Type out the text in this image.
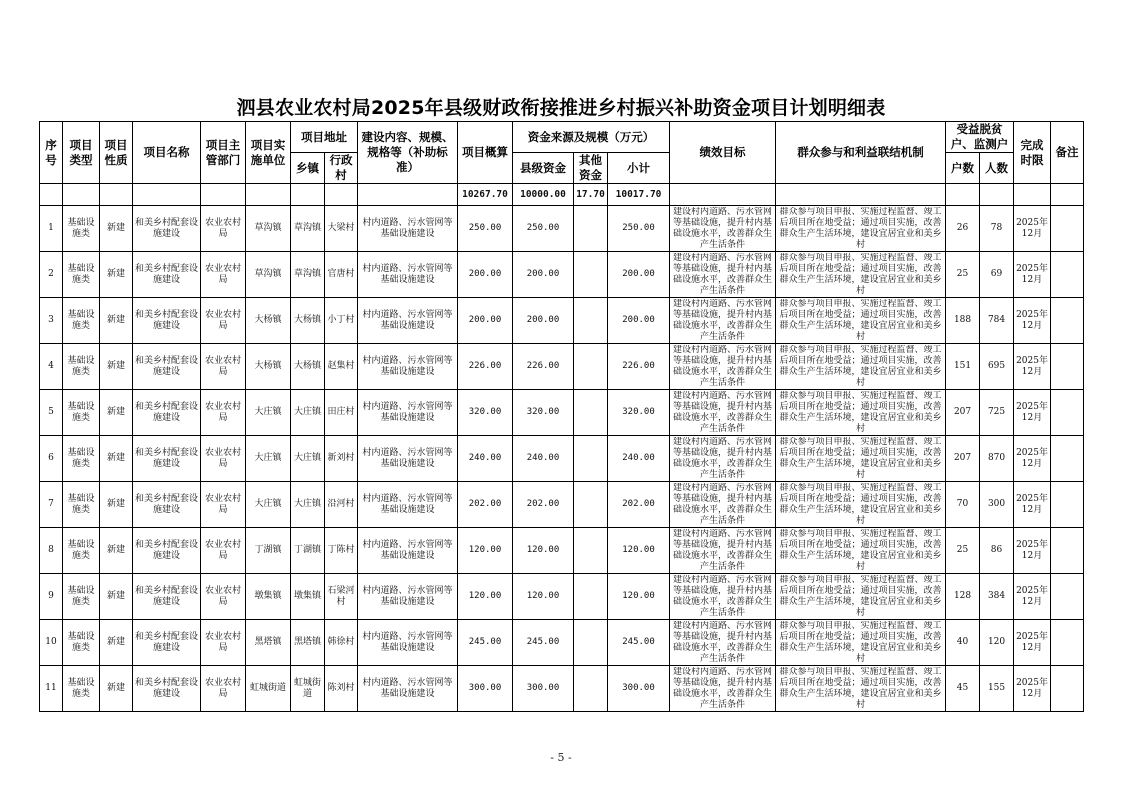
泗县农业农村局2025年县级财政衔接推进乡村振兴补助资金项目计划明细表
序号	项目类型	项目性质	项目名称	项目主管部门	项目实施单位	项目地址		建设内容、规模、规格等（补助标准）	项目概算	资金来源及规模（万元）			绩效目标	群众参与和利益联结机制	受益脱贫户、监测户		完成时限	备注
						乡镇	行政村			县级资金	其他资金	小计			户数	人数		
									10267.70	10000.00	17.70	10017.70						
1	基础设施类	新建	和美乡村配套设施建设	农业农村局	草沟镇	草沟镇	大梁村	村内道路、污水管网等基础设施建设	250.00	250.00		250.00	建设村内道路、污水管网等基础设施，提升村内基础设施水平，改善群众生产生活条件	群众参与项目申报、实施过程监督、竣工后项目所在地受益；通过项目实施，改善群众生产生活环境，建设宜居宜业和美乡村	26	78	2025年12月	
2	基础设施类	新建	和美乡村配套设施建设	农业农村局	草沟镇	草沟镇	官唐村	村内道路、污水管网等基础设施建设	200.00	200.00		200.00	建设村内道路、污水管网等基础设施，提升村内基础设施水平，改善群众生产生活条件	群众参与项目申报、实施过程监督、竣工后项目所在地受益；通过项目实施，改善群众生产生活环境，建设宜居宜业和美乡村	25	69	2025年12月	
3	基础设施类	新建	和美乡村配套设施建设	农业农村局	大杨镇	大杨镇	小丁村	村内道路、污水管网等基础设施建设	200.00	200.00		200.00	建设村内道路、污水管网等基础设施，提升村内基础设施水平，改善群众生产生活条件	群众参与项目申报、实施过程监督、竣工后项目所在地受益；通过项目实施，改善群众生产生活环境，建设宜居宜业和美乡村	188	784	2025年12月	
4	基础设施类	新建	和美乡村配套设施建设	农业农村局	大杨镇	大杨镇	赵集村	村内道路、污水管网等基础设施建设	226.00	226.00		226.00	建设村内道路、污水管网等基础设施，提升村内基础设施水平，改善群众生产生活条件	群众参与项目申报、实施过程监督、竣工后项目所在地受益；通过项目实施，改善群众生产生活环境，建设宜居宜业和美乡村	151	695	2025年12月	
5	基础设施类	新建	和美乡村配套设施建设	农业农村局	大庄镇	大庄镇	田庄村	村内道路、污水管网等基础设施建设	320.00	320.00		320.00	建设村内道路、污水管网等基础设施，提升村内基础设施水平，改善群众生产生活条件	群众参与项目申报、实施过程监督、竣工后项目所在地受益；通过项目实施，改善群众生产生活环境，建设宜居宜业和美乡村	207	725	2025年12月	
6	基础设施类	新建	和美乡村配套设施建设	农业农村局	大庄镇	大庄镇	新刘村	村内道路、污水管网等基础设施建设	240.00	240.00		240.00	建设村内道路、污水管网等基础设施，提升村内基础设施水平，改善群众生产生活条件	群众参与项目申报、实施过程监督、竣工后项目所在地受益；通过项目实施，改善群众生产生活环境，建设宜居宜业和美乡村	207	870	2025年12月	
7	基础设施类	新建	和美乡村配套设施建设	农业农村局	大庄镇	大庄镇	沿河村	村内道路、污水管网等基础设施建设	202.00	202.00		202.00	建设村内道路、污水管网等基础设施，提升村内基础设施水平，改善群众生产生活条件	群众参与项目申报、实施过程监督、竣工后项目所在地受益；通过项目实施，改善群众生产生活环境，建设宜居宜业和美乡村	70	300	2025年12月	
8	基础设施类	新建	和美乡村配套设施建设	农业农村局	丁湖镇	丁湖镇	丁陈村	村内道路、污水管网等基础设施建设	120.00	120.00		120.00	建设村内道路、污水管网等基础设施，提升村内基础设施水平，改善群众生产生活条件	群众参与项目申报、实施过程监督、竣工后项目所在地受益；通过项目实施，改善群众生产生活环境，建设宜居宜业和美乡村	25	86	2025年12月	
9	基础设施类	新建	和美乡村配套设施建设	农业农村局	墩集镇	墩集镇	石梁河村	村内道路、污水管网等基础设施建设	120.00	120.00		120.00	建设村内道路、污水管网等基础设施，提升村内基础设施水平，改善群众生产生活条件	群众参与项目申报、实施过程监督、竣工后项目所在地受益；通过项目实施，改善群众生产生活环境，建设宜居宜业和美乡村	128	384	2025年12月	
10	基础设施类	新建	和美乡村配套设施建设	农业农村局	黑塔镇	黑塔镇	韩徐村	村内道路、污水管网等基础设施建设	245.00	245.00		245.00	建设村内道路、污水管网等基础设施，提升村内基础设施水平，改善群众生产生活条件	群众参与项目申报、实施过程监督、竣工后项目所在地受益；通过项目实施，改善群众生产生活环境，建设宜居宜业和美乡村	40	120	2025年12月	
11	基础设施类	新建	和美乡村配套设施建设	农业农村局	虹城街道	虹城街道	陈刘村	村内道路、污水管网等基础设施建设	300.00	300.00		300.00	建设村内道路、污水管网等基础设施，提升村内基础设施水平，改善群众生产生活条件	群众参与项目申报、实施过程监督、竣工后项目所在地受益；通过项目实施，改善群众生产生活环境，建设宜居宜业和美乡村	45	155	2025年12月	
- 5 -
